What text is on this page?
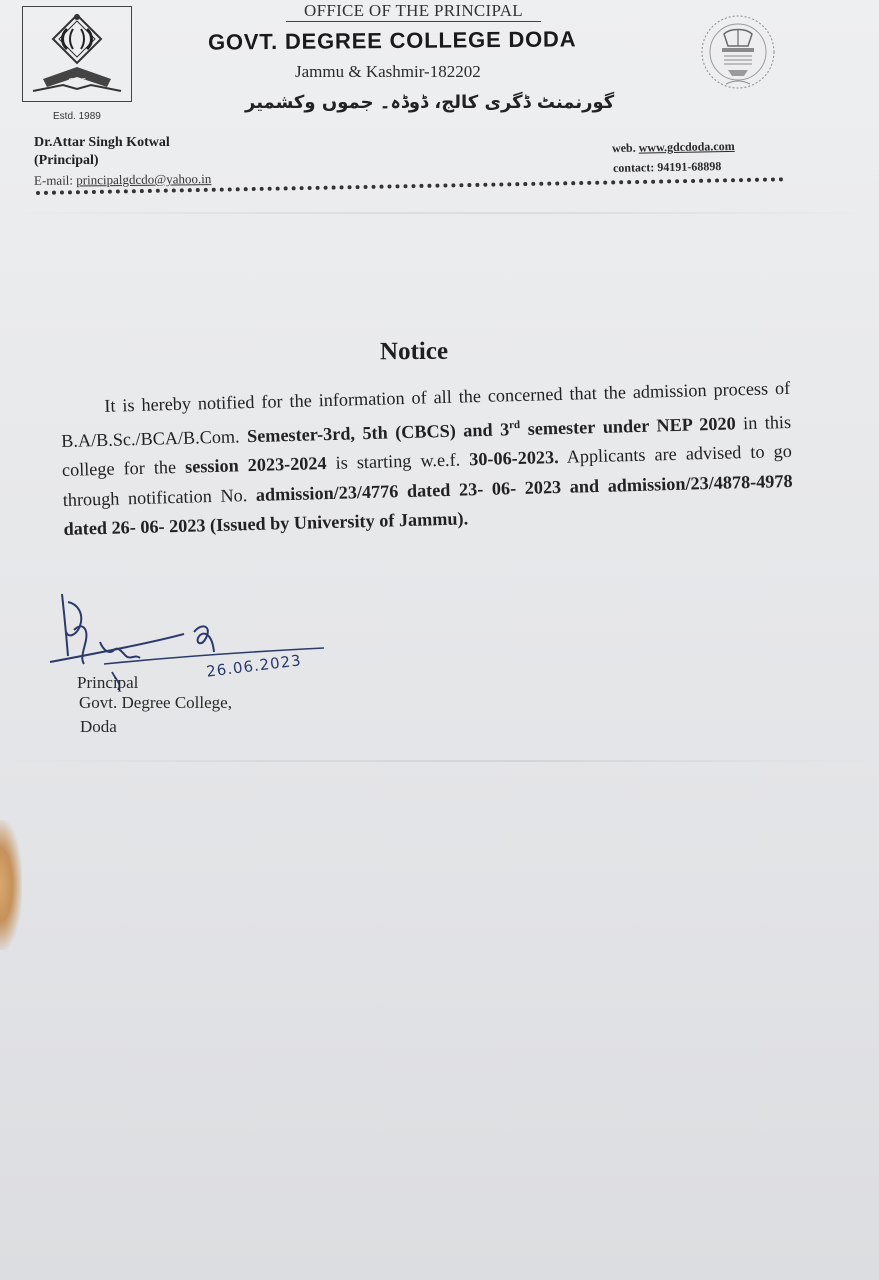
GDC
OFFICE OF THE PRINCIPAL
GOVT. DEGREE COLLEGE DODA
Jammu & Kashmir-182202
گورنمنٹ ڈگری کالج، ڈوڈہ۔ جموں وکشمیر
Estd. 1989
Dr.Attar Singh Kotwal
(Principal)
E-mail: principalgdcdo@yahoo.in
web. www.gdcdoda.com
contact: 94191-68898
Notice
It is hereby notified for the information of all the concerned that the admission process of B.A/B.Sc./BCA/B.Com. Semester-3rd, 5th (CBCS) and 3rd semester under NEP 2020 in this college for the session 2023-2024 is starting w.e.f. 30-06-2023. Applicants are advised to go through notification No. admission/23/4776 dated 23- 06- 2023 and admission/23/4878-4978 dated 26- 06- 2023 (Issued by University of Jammu).
26.06.2023
Principal
Govt. Degree College,
Doda
